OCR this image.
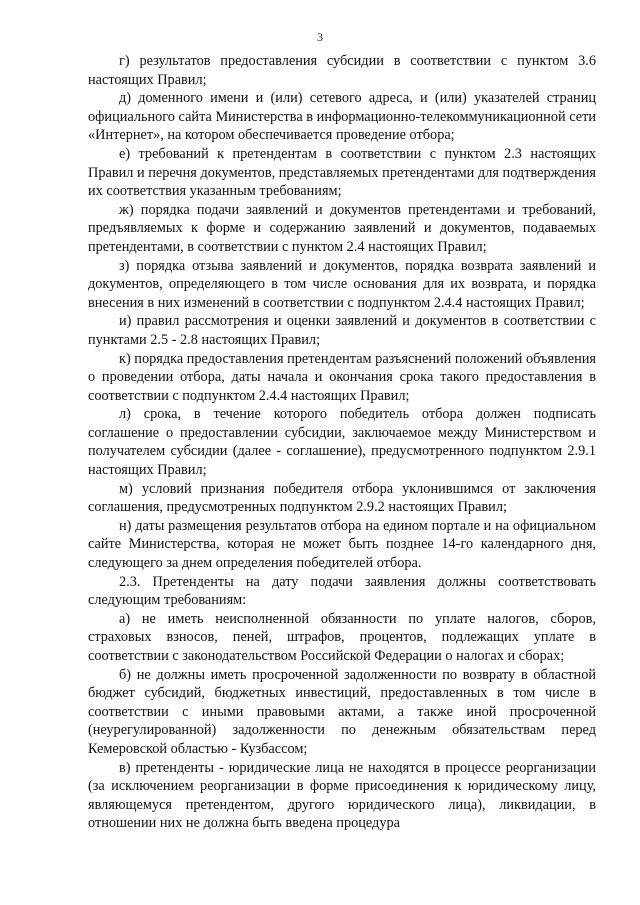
3

г) результатов предоставления субсидии в соответствии с пунктом 3.6 настоящих Правил;

д) доменного имени и (или) сетевого адреса, и (или) указателей страниц официального сайта Министерства в информационно-телекоммуникационной сети «Интернет», на котором обеспечивается проведение отбора;

е) требований к претендентам в соответствии с пунктом 2.3 настоящих Правил и перечня документов, представляемых претендентами для подтверждения их соответствия указанным требованиям;

ж) порядка подачи заявлений и документов претендентами и требований, предъявляемых к форме и содержанию заявлений и документов, подаваемых претендентами, в соответствии с пунктом 2.4 настоящих Правил;

з) порядка отзыва заявлений и документов, порядка возврата заявлений и документов, определяющего в том числе основания для их возврата, и порядка внесения в них изменений в соответствии с подпунктом 2.4.4 настоящих Правил;

и) правил рассмотрения и оценки заявлений и документов в соответствии с пунктами 2.5 - 2.8 настоящих Правил;

к) порядка предоставления претендентам разъяснений положений объявления о проведении отбора, даты начала и окончания срока такого предоставления в соответствии с подпунктом 2.4.4 настоящих Правил;

л) срока, в течение которого победитель отбора должен подписать соглашение о предоставлении субсидии, заключаемое между Министерством и получателем субсидии (далее - соглашение), предусмотренного подпунктом 2.9.1 настоящих Правил;

м) условий признания победителя отбора уклонившимся от заключения соглашения, предусмотренных подпунктом 2.9.2 настоящих Правил;

н) даты размещения результатов отбора на едином портале и на официальном сайте Министерства, которая не может быть позднее 14-го календарного дня, следующего за днем определения победителей отбора.

2.3. Претенденты на дату подачи заявления должны соответствовать следующим требованиям:

а) не иметь неисполненной обязанности по уплате налогов, сборов, страховых взносов, пеней, штрафов, процентов, подлежащих уплате в соответствии с законодательством Российской Федерации о налогах и сборах;

б) не должны иметь просроченной задолженности по возврату в областной бюджет субсидий, бюджетных инвестиций, предоставленных в том числе в соответствии с иными правовыми актами, а также иной просроченной (неурегулированной) задолженности по денежным обязательствам перед Кемеровской областью - Кузбассом;

в) претенденты - юридические лица не находятся в процессе реорганизации (за исключением реорганизации в форме присоединения к юридическому лицу, являющемуся претендентом, другого юридического лица), ликвидации, в отношении них не должна быть введена процедура
